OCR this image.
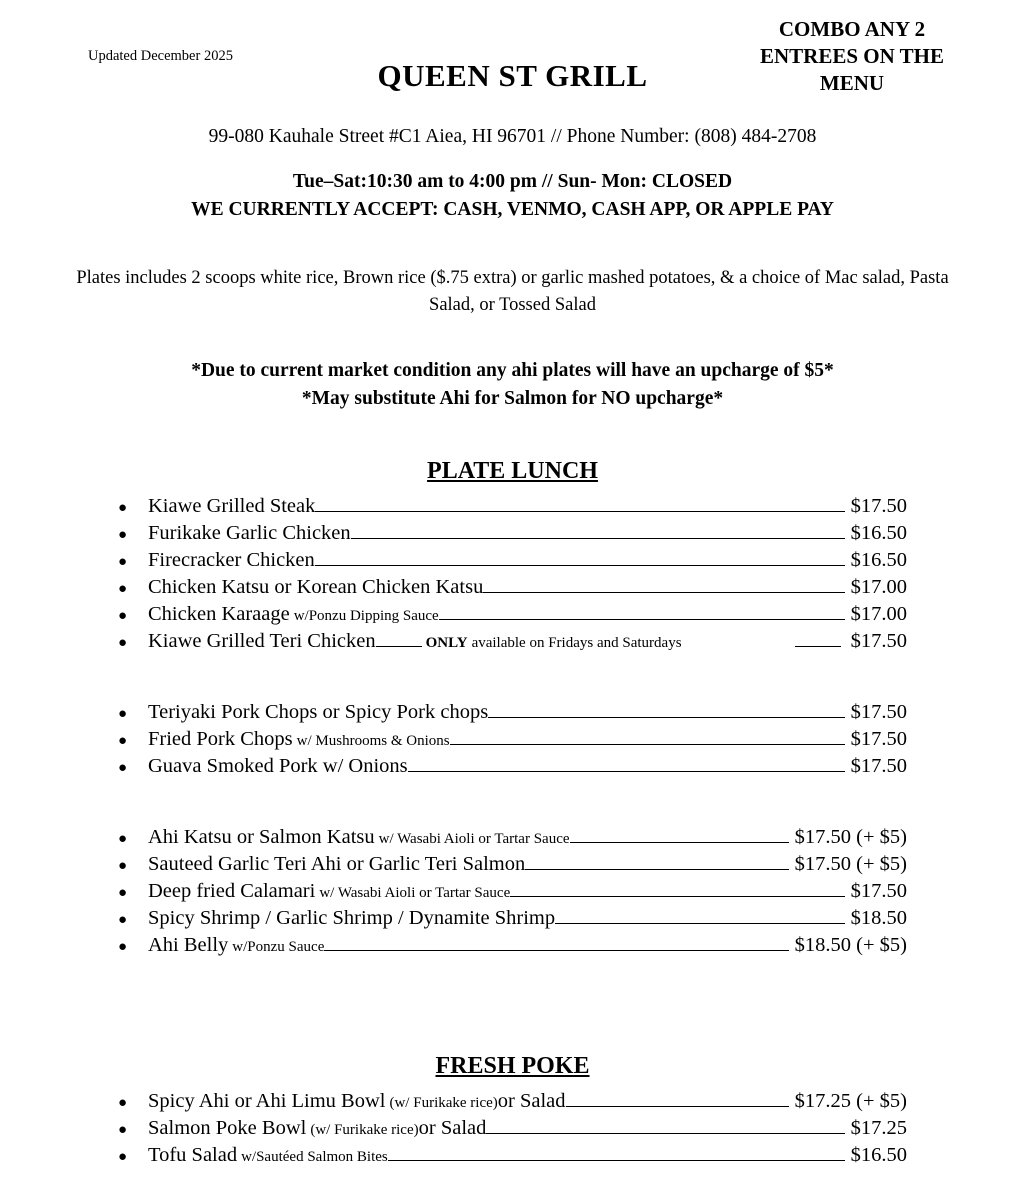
Updated December 2025
QUEEN ST GRILL
COMBO ANY 2 ENTREES ON THE MENU
99-080 Kauhale Street #C1 Aiea, HI 96701 // Phone Number: (808) 484-2708
Tue–Sat:10:30 am to 4:00 pm // Sun- Mon: CLOSED
WE CURRENTLY ACCEPT: CASH, VENMO, CASH APP, OR APPLE PAY
Plates includes 2 scoops white rice, Brown rice ($.75 extra) or garlic mashed potatoes, & a choice of Mac salad, Pasta Salad, or Tossed Salad
*Due to current market condition any ahi plates will have an upcharge of $5*
*May substitute Ahi for Salmon for NO upcharge*
PLATE LUNCH
●
Kiawe Grilled Steak	$17.50
●
Furikake Garlic Chicken	$16.50
●
Firecracker Chicken	$16.50
●
Chicken Katsu or Korean Chicken Katsu	$17.00
●
Chicken Karaage w/Ponzu Dipping Sauce	$17.00
●
Kiawe Grilled Teri Chicken	ONLY available on Fridays and Saturdays	$17.50
●
Teriyaki Pork Chops or Spicy Pork chops	$17.50
●
Fried Pork Chops w/ Mushrooms & Onions	$17.50
●
Guava Smoked Pork w/ Onions	$17.50
●
Ahi Katsu or Salmon Katsu w/ Wasabi Aioli or Tartar Sauce	$17.50 (+ $5)
●
Sauteed Garlic Teri Ahi or Garlic Teri Salmon	$17.50 (+ $5)
●
Deep fried Calamari w/ Wasabi Aioli or Tartar Sauce	$17.50
●
Spicy Shrimp / Garlic Shrimp / Dynamite Shrimp	$18.50
●
Ahi Belly w/Ponzu Sauce	$18.50 (+ $5)
FRESH POKE
●
Spicy Ahi or Ahi Limu Bowl (w/ Furikake rice) or Salad	$17.25 (+ $5)
●
Salmon Poke Bowl (w/ Furikake rice) or Salad	$17.25
●
Tofu Salad w/Sautéed Salmon Bites	$16.50
